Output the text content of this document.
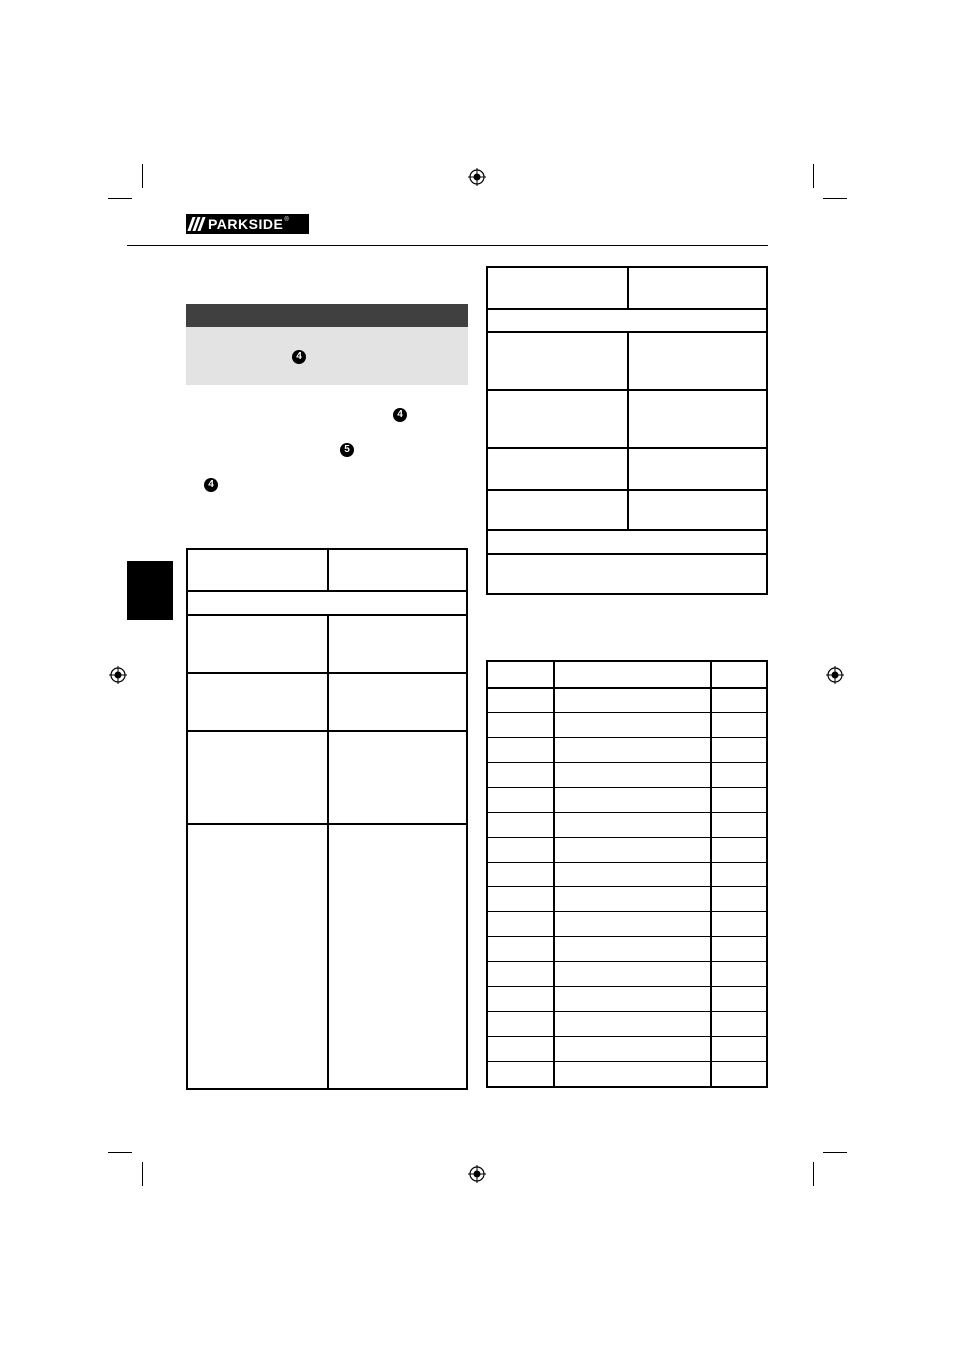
PARKSIDE ®
4
4
5
4
